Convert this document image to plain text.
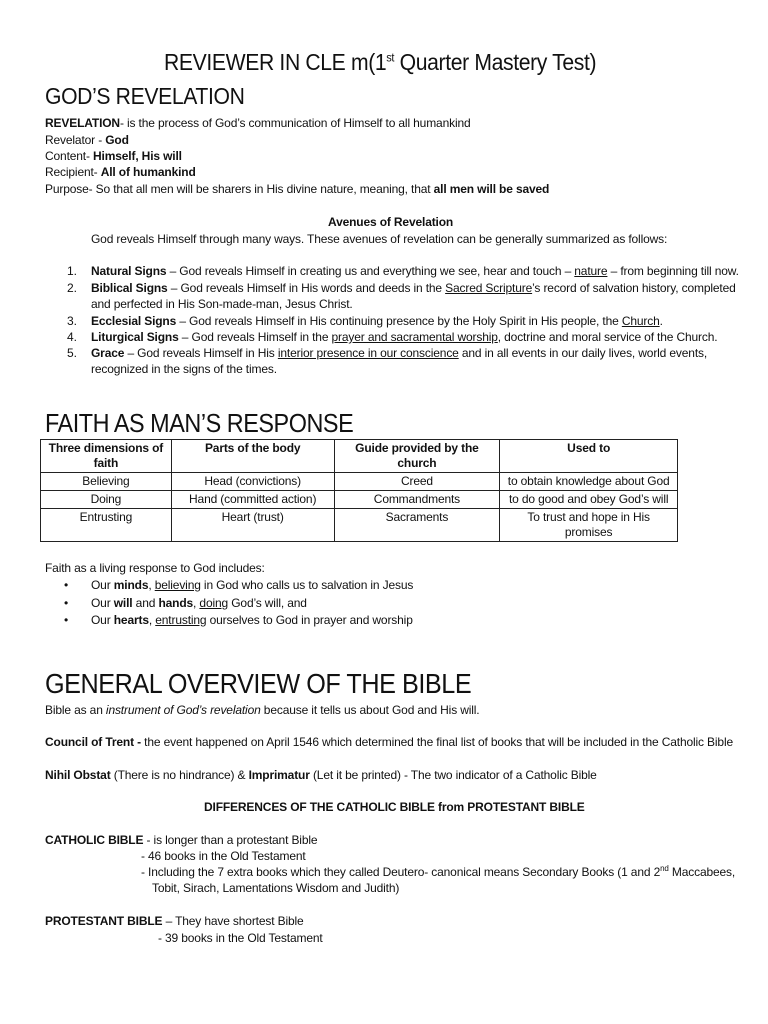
REVIEWER IN CLE m(1st Quarter Mastery Test)
GOD’S REVELATION
REVELATION- is the process of God’s communication of Himself to all humankind
Revelator - God
Content- Himself, His will
Recipient- All of humankind
Purpose- So that all men will be sharers in His divine nature, meaning, that all men will be saved
Avenues of Revelation
God reveals Himself through many ways. These avenues of revelation can be generally summarized as follows:
1. Natural Signs – God reveals Himself in creating us and everything we see, hear and touch – nature – from beginning till now.
2. Biblical Signs – God reveals Himself in His words and deeds in the Sacred Scripture’s record of salvation history, completed
and perfected in His Son-made-man, Jesus Christ.
3. Ecclesial Signs – God reveals Himself in His continuing presence by the Holy Spirit in His people, the Church.
4. Liturgical Signs – God reveals Himself in the prayer and sacramental worship, doctrine and moral service of the Church.
5. Grace – God reveals Himself in His interior presence in our conscience and in all events in our daily lives, world events,
recognized in the signs of the times.
FAITH AS MAN’S RESPONSE
Three dimensions of faith	Parts of the body	Guide provided by the church	Used to
Believing	Head (convictions)	Creed	to obtain knowledge about God
Doing	Hand (committed action)	Commandments	to do good and obey God’s will
Entrusting	Heart (trust)	Sacraments	To trust and hope in His promises
Faith as a living response to God includes:
• Our minds, believing in God who calls us to salvation in Jesus
• Our will and hands, doing God’s will, and
• Our hearts, entrusting ourselves to God in prayer and worship
GENERAL OVERVIEW OF THE BIBLE
Bible as an instrument of God’s revelation because it tells us about God and His will.
Council of Trent - the event happened on April 1546 which determined the final list of books that will be included in the Catholic Bible
Nihil Obstat (There is no hindrance) & Imprimatur (Let it be printed) - The two indicator of a Catholic Bible
DIFFERENCES OF THE CATHOLIC BIBLE from PROTESTANT BIBLE
CATHOLIC BIBLE - is longer than a protestant Bible
- 46 books in the Old Testament
- Including the 7 extra books which they called Deutero- canonical means Secondary Books (1 and 2nd Maccabees,
Tobit, Sirach, Lamentations Wisdom and Judith)
PROTESTANT BIBLE – They have shortest Bible
- 39 books in the Old Testament
